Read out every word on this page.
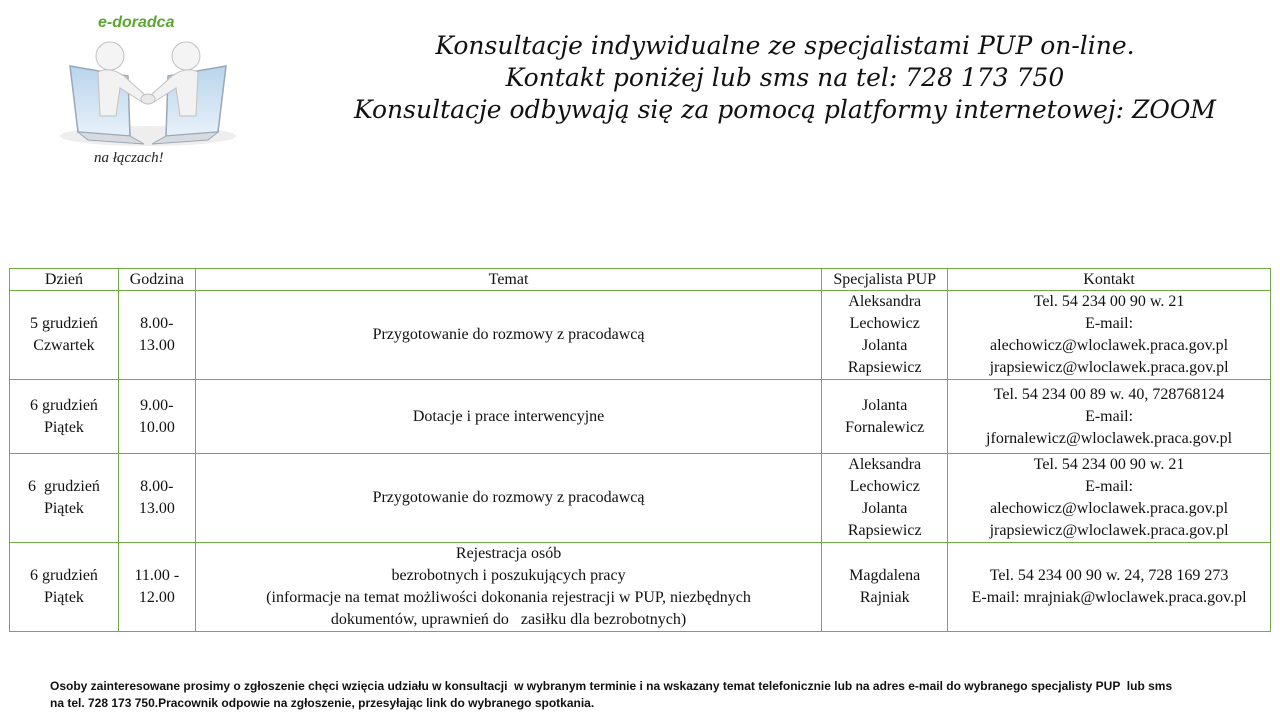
e-doradca
na łączach!
Konsultacje indywidualne ze specjalistami PUP on-line.
Kontakt poniżej lub sms na tel: 728 173 750
Konsultacje odbywają się za pomocą platformy internetowej: ZOOM
Dzień	Godzina	Temat	Specjalista PUP	Kontakt

5 grudzień
Czwartek	8.00-
13.00	Przygotowanie do rozmowy z pracodawcą	Aleksandra
Lechowicz
Jolanta
Rapsiewicz	Tel. 54 234 00 90 w. 21
E-mail:
alechowicz@wloclawek.praca.gov.pl
jrapsiewicz@wloclawek.praca.gov.pl

6 grudzień
Piątek	9.00-
10.00	Dotacje i prace interwencyjne	Jolanta
Fornalewicz	Tel. 54 234 00 89 w. 40, 728768124
E-mail:
jfornalewicz@wloclawek.praca.gov.pl

6  grudzień
Piątek	8.00-
13.00	Przygotowanie do rozmowy z pracodawcą	Aleksandra
Lechowicz
Jolanta
Rapsiewicz	Tel. 54 234 00 90 w. 21
E-mail:
alechowicz@wloclawek.praca.gov.pl
jrapsiewicz@wloclawek.praca.gov.pl

6 grudzień
Piątek	11.00 -
12.00	Rejestracja osób
bezrobotnych i poszukujących pracy
(informacje na temat możliwości dokonania rejestracji w PUP, niezbędnych
dokumentów, uprawnień do   zasiłku dla bezrobotnych)	Magdalena
Rajniak	Tel. 54 234 00 90 w. 24, 728 169 273
E-mail: mrajniak@wloclawek.praca.gov.pl
Osoby zainteresowane prosimy o zgłoszenie chęci wzięcia udziału w konsultacji  w wybranym terminie i na wskazany temat telefonicznie lub na adres e-mail do wybranego specjalisty PUP  lub sms
na tel. 728 173 750.Pracownik odpowie na zgłoszenie, przesyłając link do wybranego spotkania.
